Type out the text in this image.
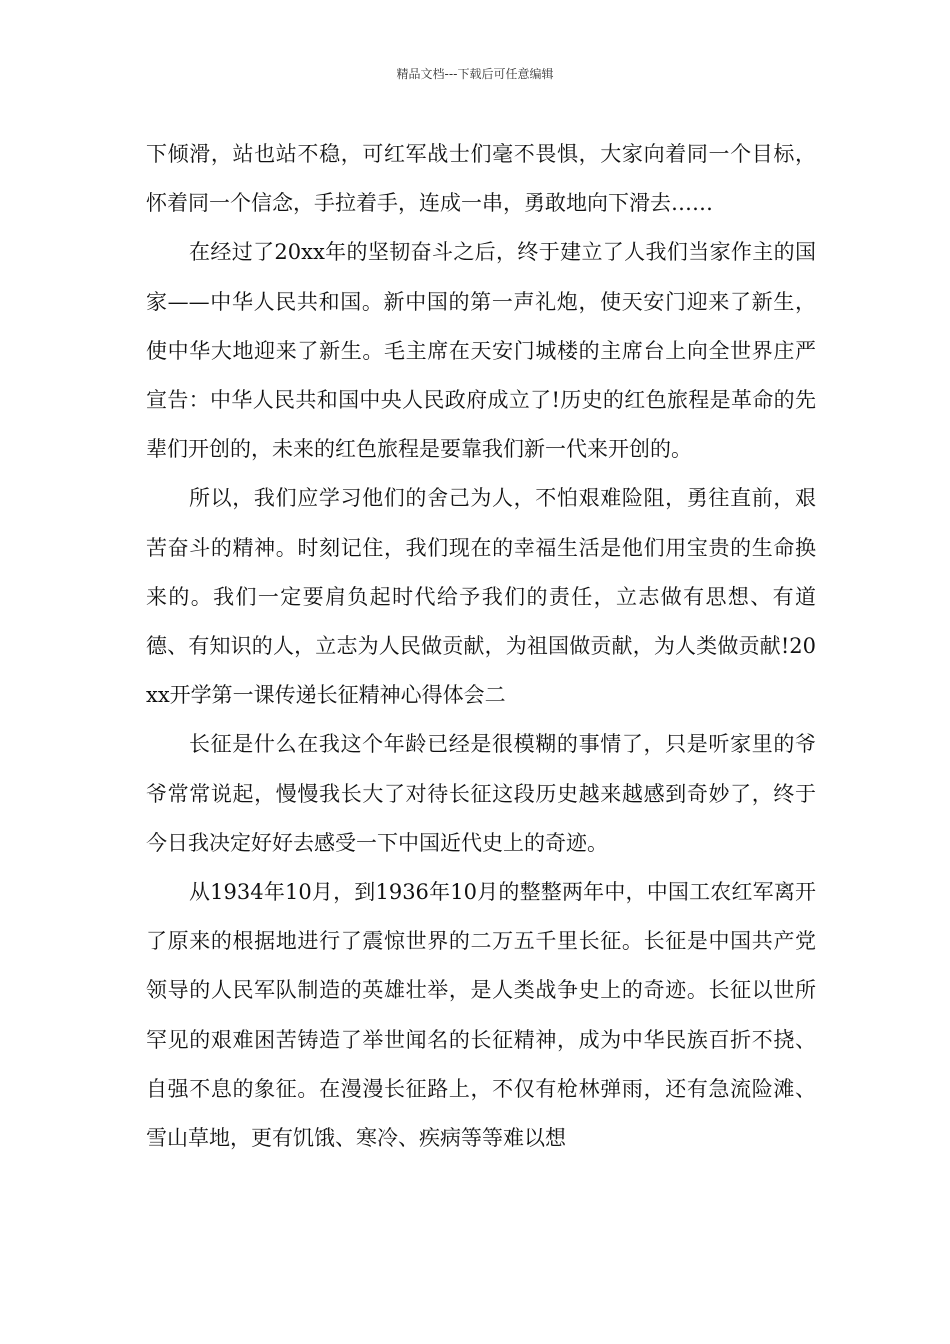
精品文档---下载后可任意编辑

下倾滑，站也站不稳，可红军战士们毫不畏惧，大家向着同一个目标，怀着同一个信念，手拉着手，连成一串，勇敢地向下滑去……

在经过了20xx年的坚韧奋斗之后，终于建立了人我们当家作主的国家——中华人民共和国。新中国的第一声礼炮，使天安门迎来了新生，使中华大地迎来了新生。毛主席在天安门城楼的主席台上向全世界庄严宣告：中华人民共和国中央人民政府成立了!历史的红色旅程是革命的先辈们开创的，未来的红色旅程是要靠我们新一代来开创的。

所以，我们应学习他们的舍己为人，不怕艰难险阻，勇往直前，艰苦奋斗的精神。时刻记住，我们现在的幸福生活是他们用宝贵的生命换来的。我们一定要肩负起时代给予我们的责任，立志做有思想、有道德、有知识的人，立志为人民做贡献，为祖国做贡献，为人类做贡献!20xx开学第一课传递长征精神心得体会二

长征是什么在我这个年龄已经是很模糊的事情了，只是听家里的爷爷常常说起，慢慢我长大了对待长征这段历史越来越感到奇妙了，终于今日我决定好好去感受一下中国近代史上的奇迹。

从1934年10月，到1936年10月的整整两年中，中国工农红军离开了原来的根据地进行了震惊世界的二万五千里长征。长征是中国共产党领导的人民军队制造的英雄壮举，是人类战争史上的奇迹。长征以世所罕见的艰难困苦铸造了举世闻名的长征精神，成为中华民族百折不挠、自强不息的象征。在漫漫长征路上，不仅有枪林弹雨，还有急流险滩、雪山草地，更有饥饿、寒冷、疾病等等难以想
